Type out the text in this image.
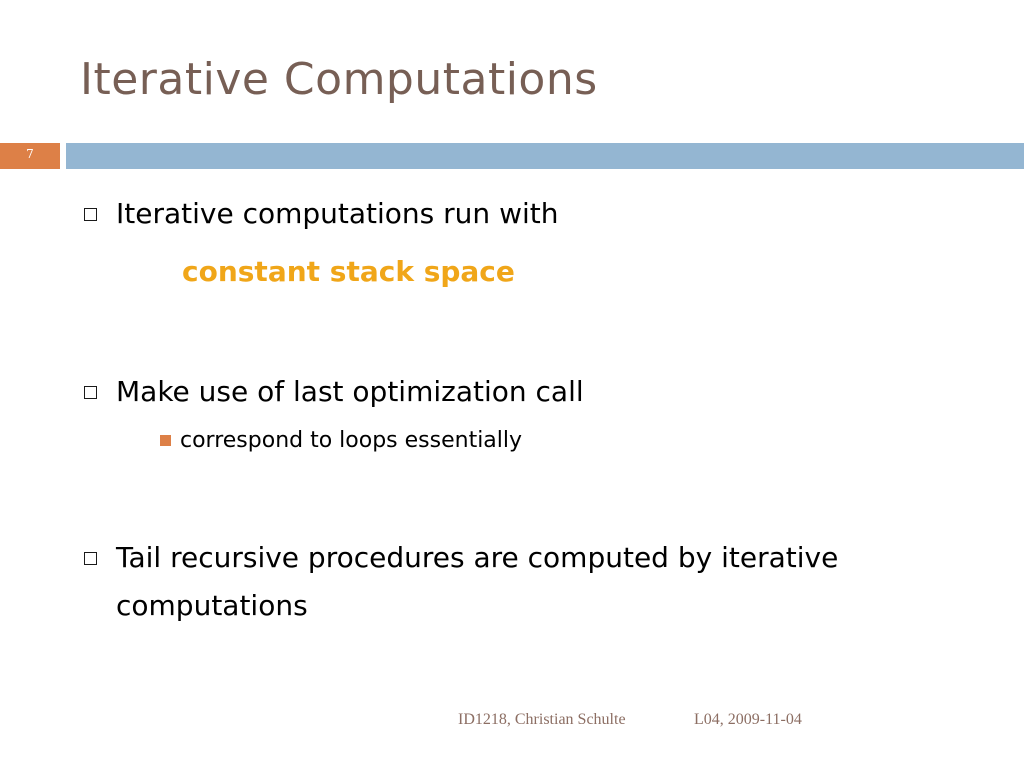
Iterative Computations
7
Iterative computations run with
constant stack space
Make use of last optimization call
correspond to loops essentially
Tail recursive procedures are computed by iterative
computations
ID1218, Christian Schulte	L04, 2009-11-04
